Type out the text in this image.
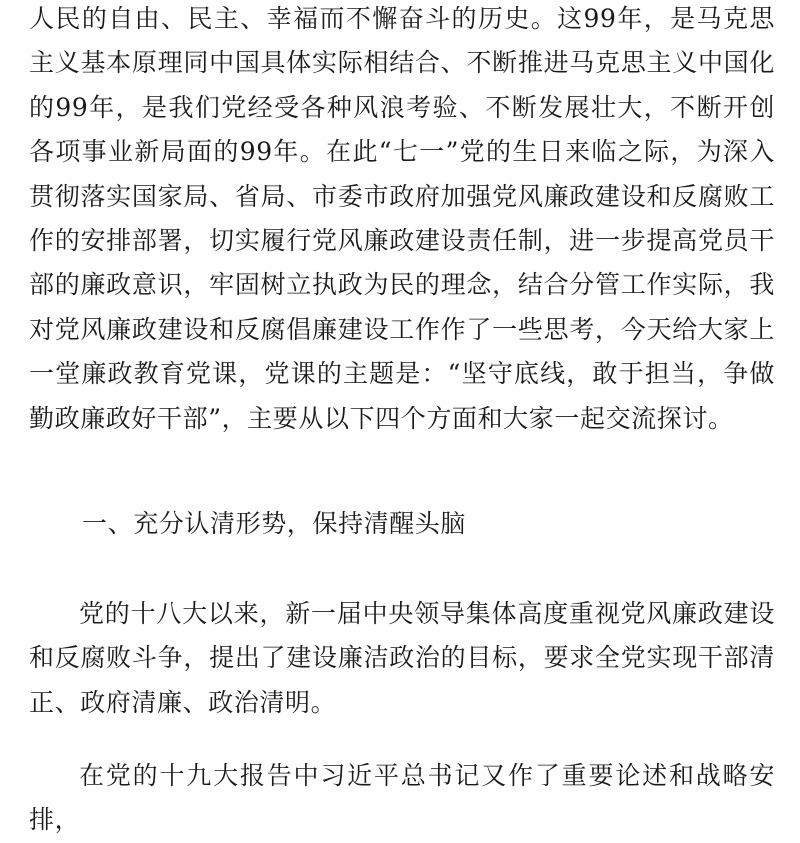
人民的自由、民主、幸福而不懈奋斗的历史。这99年，是马克思主义基本原理同中国具体实际相结合、不断推进马克思主义中国化的99年，是我们党经受各种风浪考验、不断发展壮大，不断开创各项事业新局面的99年。在此“七一”党的生日来临之际，为深入贯彻落实国家局、省局、市委市政府加强党风廉政建设和反腐败工作的安排部署，切实履行党风廉政建设责任制，进一步提高党员干部的廉政意识，牢固树立执政为民的理念，结合分管工作实际，我对党风廉政建设和反腐倡廉建设工作作了一些思考，今天给大家上一堂廉政教育党课，党课的主题是：“坚守底线，敢于担当，争做勤政廉政好干部”，主要从以下四个方面和大家一起交流探讨。

一、充分认清形势，保持清醒头脑

党的十八大以来，新一届中央领导集体高度重视党风廉政建设和反腐败斗争，提出了建设廉洁政治的目标，要求全党实现干部清正、政府清廉、政治清明。

在党的十九大报告中习近平总书记又作了重要论述和战略安排，
